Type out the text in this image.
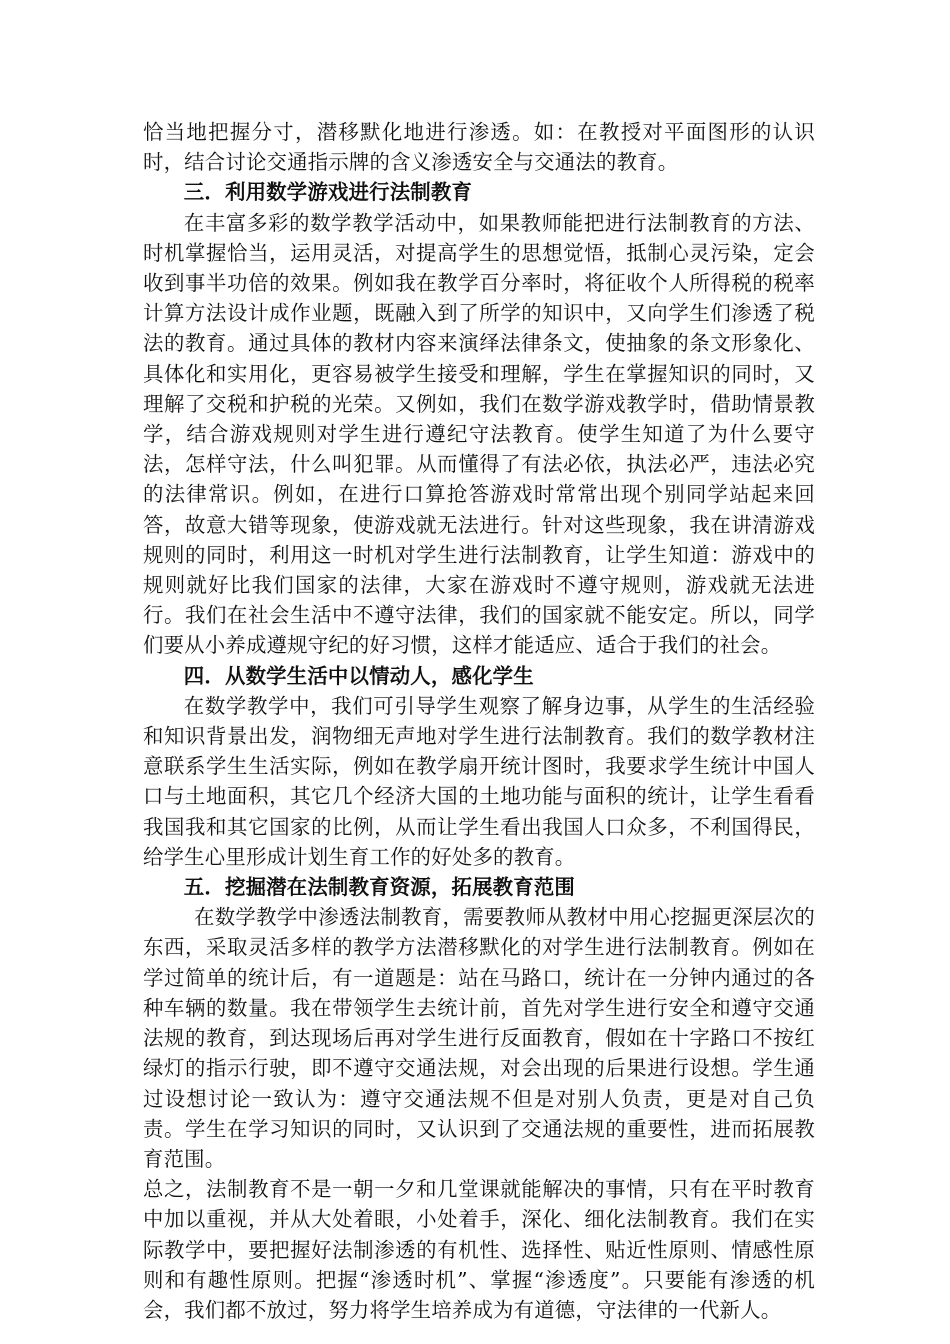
恰当地把握分寸，潜移默化地进行渗透。如：在教授对平面图形的认识时，结合讨论交通指示牌的含义渗透安全与交通法的教育。

三．利用数学游戏进行法制教育

在丰富多彩的数学教学活动中，如果教师能把进行法制教育的方法、时机掌握恰当，运用灵活，对提高学生的思想觉悟，抵制心灵污染，定会收到事半功倍的效果。例如我在教学百分率时，将征收个人所得税的税率计算方法设计成作业题，既融入到了所学的知识中，又向学生们渗透了税法的教育。通过具体的教材内容来演绎法律条文，使抽象的条文形象化、具体化和实用化，更容易被学生接受和理解，学生在掌握知识的同时，又理解了交税和护税的光荣。又例如，我们在数学游戏教学时，借助情景教学，结合游戏规则对学生进行遵纪守法教育。使学生知道了为什么要守法，怎样守法，什么叫犯罪。从而懂得了有法必依，执法必严，违法必究的法律常识。例如，在进行口算抢答游戏时常常出现个别同学站起来回答，故意大错等现象，使游戏就无法进行。针对这些现象，我在讲清游戏规则的同时，利用这一时机对学生进行法制教育，让学生知道：游戏中的规则就好比我们国家的法律，大家在游戏时不遵守规则，游戏就无法进行。我们在社会生活中不遵守法律，我们的国家就不能安定。所以，同学们要从小养成遵规守纪的好习惯，这样才能适应、适合于我们的社会。

四．从数学生活中以情动人，感化学生

在数学教学中，我们可引导学生观察了解身边事，从学生的生活经验和知识背景出发，润物细无声地对学生进行法制教育。我们的数学教材注意联系学生生活实际，例如在教学扇开统计图时，我要求学生统计中国人口与土地面积，其它几个经济大国的土地功能与面积的统计，让学生看看我国我和其它国家的比例，从而让学生看出我国人口众多，不利国得民，给学生心里形成计划生育工作的好处多的教育。

五．挖掘潜在法制教育资源，拓展教育范围

在数学教学中渗透法制教育，需要教师从教材中用心挖掘更深层次的东西，采取灵活多样的教学方法潜移默化的对学生进行法制教育。例如在学过简单的统计后，有一道题是：站在马路口，统计在一分钟内通过的各种车辆的数量。我在带领学生去统计前，首先对学生进行安全和遵守交通法规的教育，到达现场后再对学生进行反面教育，假如在十字路口不按红绿灯的指示行驶，即不遵守交通法规，对会出现的后果进行设想。学生通过设想讨论一致认为：遵守交通法规不但是对别人负责，更是对自己负责。学生在学习知识的同时，又认识到了交通法规的重要性，进而拓展教育范围。

总之，法制教育不是一朝一夕和几堂课就能解决的事情，只有在平时教育中加以重视，并从大处着眼，小处着手，深化、细化法制教育。我们在实际教学中，要把握好法制渗透的有机性、选择性、贴近性原则、情感性原则和有趣性原则。把握“渗透时机”、掌握“渗透度”。只要能有渗透的机会，我们都不放过，努力将学生培养成为有道德，守法律的一代新人。
